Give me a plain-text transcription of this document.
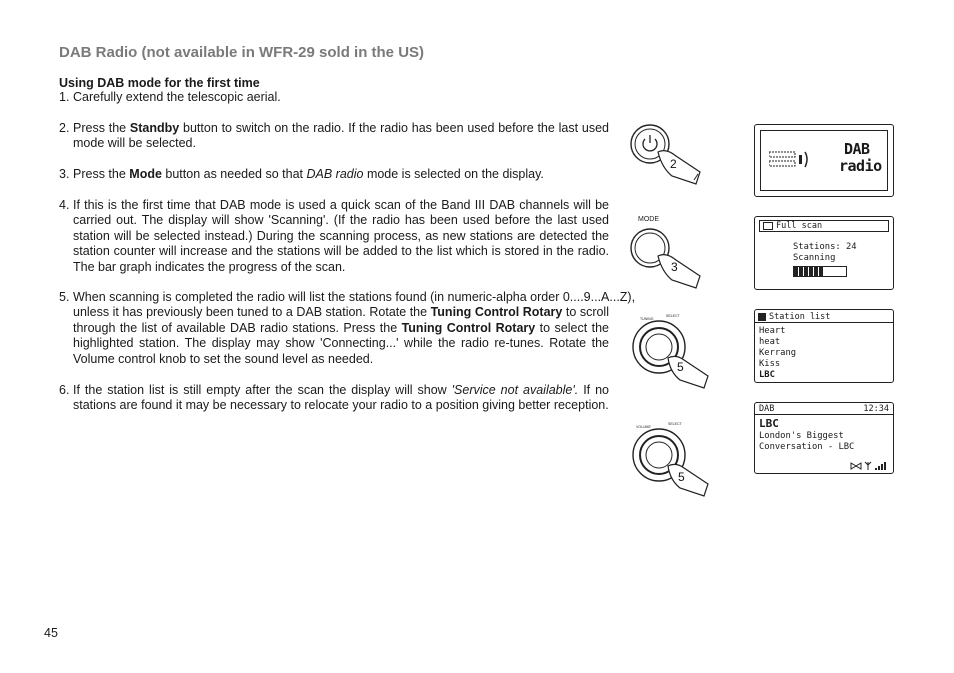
DAB Radio (not available in WFR-29 sold in the US)
Using DAB mode for the first time
1. Carefully extend the telescopic aerial.
2. Press the Standby button to switch on the radio. If the radio has been used before the last used mode will be selected.
3. Press the Mode button as needed so that DAB radio mode is selected on the display.
4. If this is the first time that DAB mode is used a quick scan of the Band III DAB channels will be carried out. The display will show 'Scanning'. (If the radio has been used before the last used station will be selected instead.) During the scanning process, as new stations are detected the station counter will increase and the stations will be added to the list which is stored in the radio. The bar graph indicates the progress of the scan.
5. When scanning is completed the radio will list the stations found (in numeric-alpha order 0....9...A...Z),
unless it has previously been tuned to a DAB station. Rotate the Tuning Control Rotary to scroll through the list of available DAB radio stations. Press the Tuning Control Rotary to select the highlighted station. The display may show 'Connecting...' while the radio re-tunes. Rotate the Volume control knob to set the sound level as needed.
6. If the station list is still empty after the scan the display will show 'Service not available'. If no stations are found it may be necessary to relocate your radio to a position giving better reception.
45
2
MODE
3
TUNING
SELECT
5
VOLUME
SELECT
5
DAB
radio
Full scan
Stations: 24
Scanning
Station list
Heart
heat
Kerrang
Kiss
LBC
DAB	12:34
LBC
London's Biggest
Conversation - LBC
